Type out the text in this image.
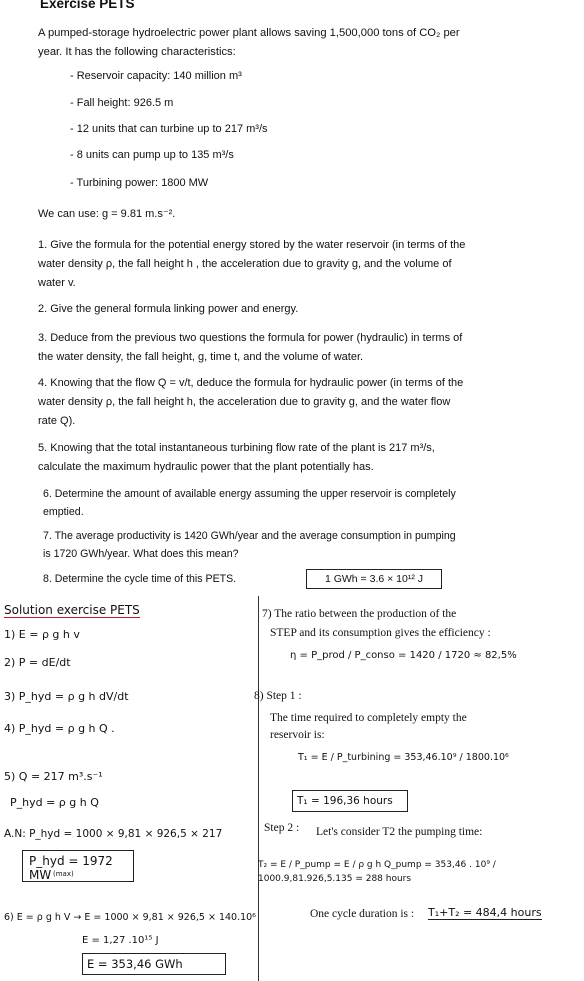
Exercise PETS
A pumped-storage hydroelectric power plant allows saving 1,500,000 tons of CO₂ per
year. It has the following characteristics:
- Reservoir capacity: 140 million m³
- Fall height: 926.5 m
- 12 units that can turbine up to 217 m³/s
- 8 units can pump up to 135 m³/s
- Turbining power: 1800 MW
We can use: g = 9.81 m.s⁻².
1. Give the formula for the potential energy stored by the water reservoir (in terms of the
water density ρ, the fall height h , the acceleration due to gravity g, and the volume of
water v.
2. Give the general formula linking power and energy.
3. Deduce from the previous two questions the formula for power (hydraulic) in terms of
the water density, the fall height, g, time t, and the volume of water.
4. Knowing that the flow Q = v/t, deduce the formula for hydraulic power (in terms of the
water density ρ, the fall height h, the acceleration due to gravity g, and the water flow
rate Q).
5. Knowing that the total instantaneous turbining flow rate of the plant is 217 m³/s,
calculate the maximum hydraulic power that the plant potentially has.
6. Determine the amount of available energy assuming the upper reservoir is completely
emptied.
7. The average productivity is 1420 GWh/year and the average consumption in pumping
is 1720 GWh/year. What does this mean?
8. Determine the cycle time of this PETS.	1 GWh = 3.6 × 10¹² J
Solution exercise PETS
1) E = ρ g h v
2) P = dE/dt
3) P_hyd = ρ g h dV/dt
4) P_hyd = ρ g h Q .
5) Q = 217 m³.s⁻¹
P_hyd = ρ g h Q
A.N: P_hyd = 1000 × 9,81 × 926,5 × 217
P_hyd = 1972 MW (max)
6) E = ρ g h V → E = 1000 × 9,81 × 926,5 × 140.10⁶
E = 1,27 .10¹⁵ J
E = 353,46 GWh
7) The ratio between the production of the
STEP and its consumption gives the efficiency :
η = P_prod / P_conso = 1420 / 1720 ≈ 82,5%
8) Step 1 :
The time required to completely empty the
reservoir is:
T₁ = E / P_turbining = 353,46.10⁹ / 1800.10⁶
T₁ = 196,36 hours
Step 2 : Let's consider T2 the pumping time:
T₂ = E / P_pump = E / ρ g h Q_pump = 353,46 . 10⁹ / 1000.9,81.926,5.135 = 288 hours
One cycle duration is : T₁+T₂ = 484,4 hours
